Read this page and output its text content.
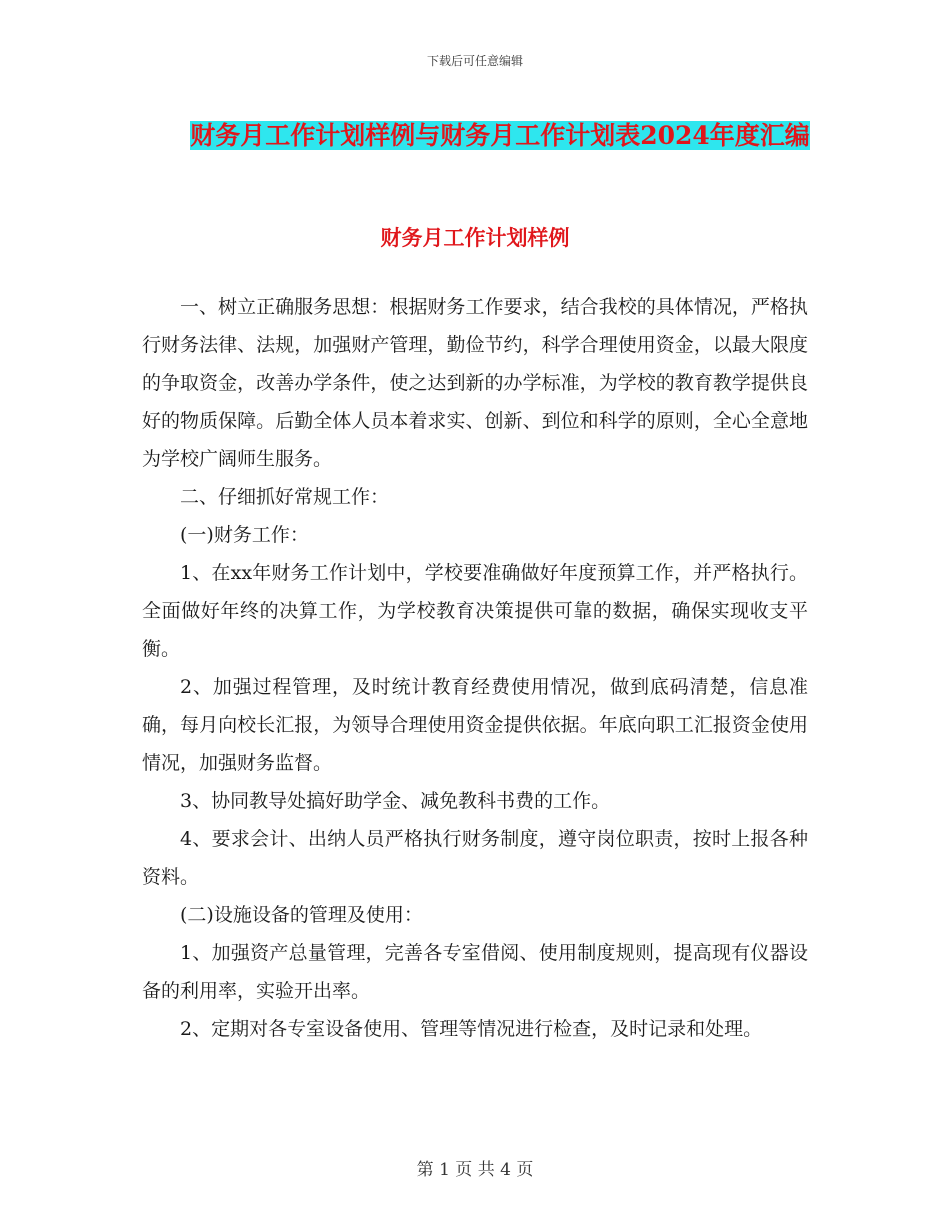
下载后可任意编辑
财务月工作计划样例与财务月工作计划表2024年度汇编
财务月工作计划样例

一、树立正确服务思想：根据财务工作要求，结合我校的具体情况，严格执行财务法律、法规，加强财产管理，勤俭节约，科学合理使用资金，以最大限度的争取资金，改善办学条件，使之达到新的办学标准，为学校的教育教学提供良好的物质保障。后勤全体人员本着求实、创新、到位和科学的原则，全心全意地为学校广阔师生服务。

二、仔细抓好常规工作：

(一)财务工作：

1、在xx年财务工作计划中，学校要准确做好年度预算工作，并严格执行。全面做好年终的决算工作，为学校教育决策提供可靠的数据，确保实现收支平衡。

2、加强过程管理，及时统计教育经费使用情况，做到底码清楚，信息准确，每月向校长汇报，为领导合理使用资金提供依据。年底向职工汇报资金使用情况，加强财务监督。

3、协同教导处搞好助学金、减免教科书费的工作。

4、要求会计、出纳人员严格执行财务制度，遵守岗位职责，按时上报各种资料。

(二)设施设备的管理及使用：

1、加强资产总量管理，完善各专室借阅、使用制度规则，提高现有仪器设备的利用率，实验开出率。

2、定期对各专室设备使用、管理等情况进行检查，及时记录和处理。

第 1 页 共 4 页
